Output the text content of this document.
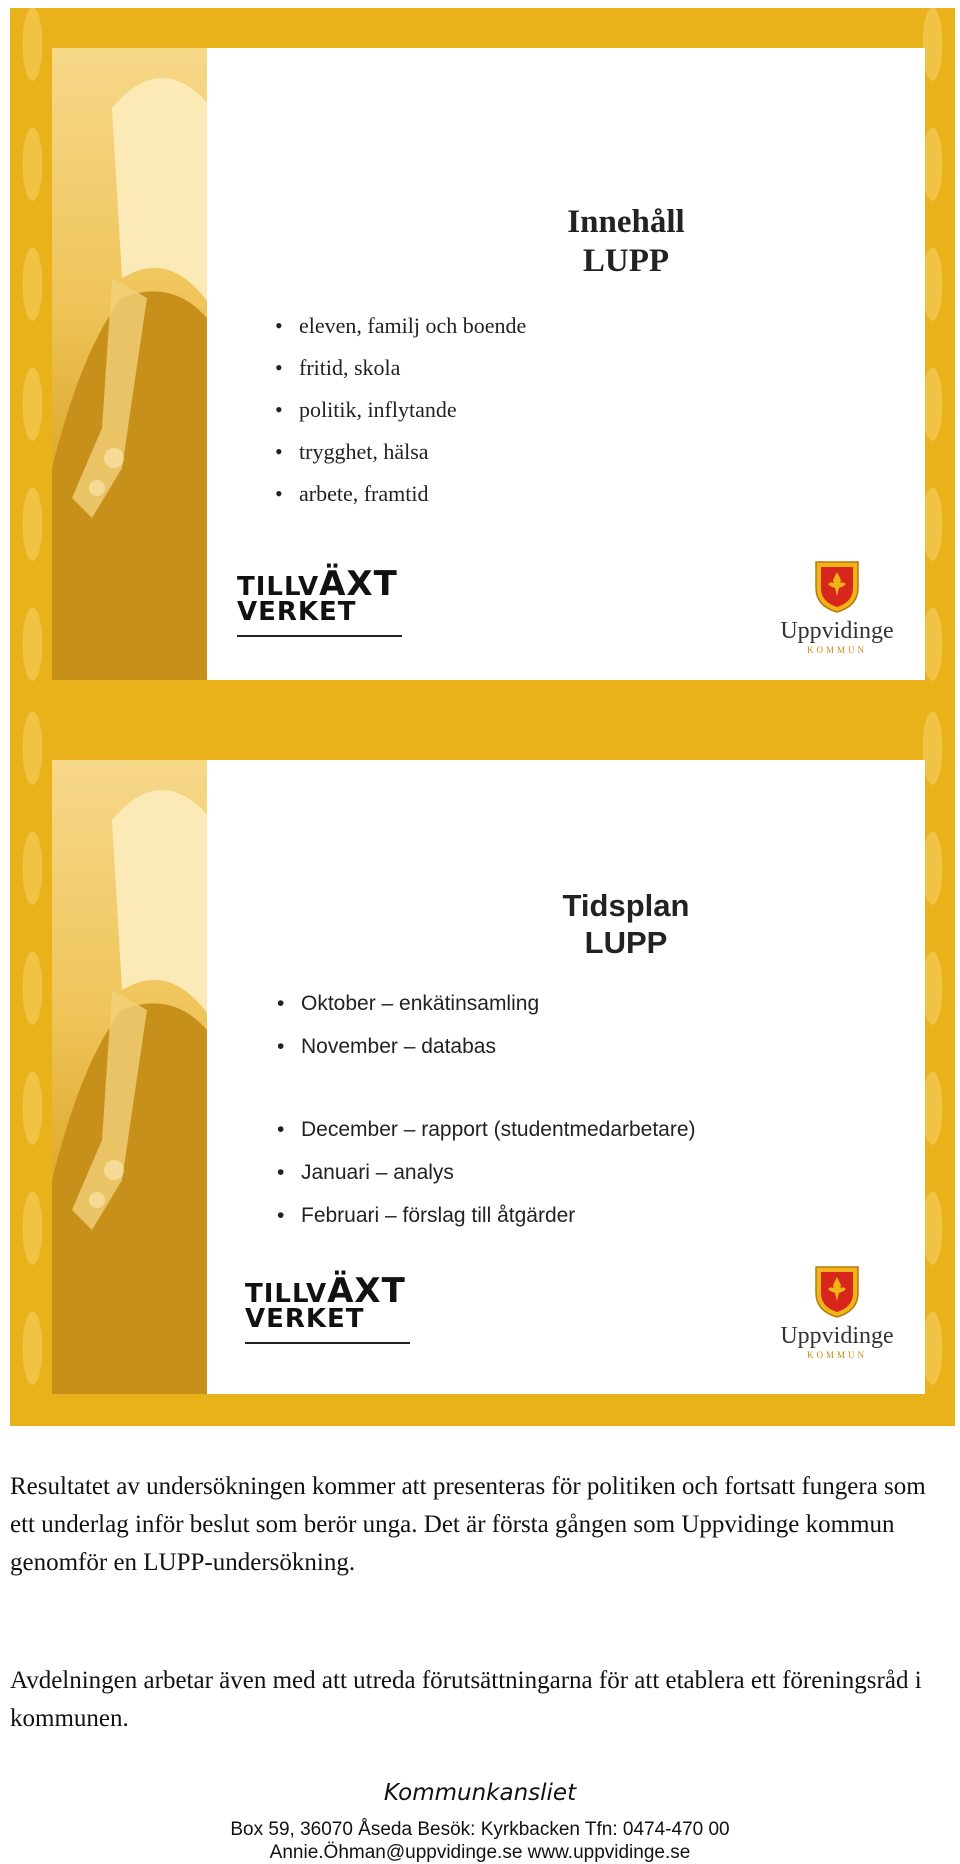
Innehåll
LUPP
• eleven, familj och boende
• fritid, skola
• politik, inflytande
• trygghet, hälsa
• arbete, framtid
TILLVÄXT
VERKET
Uppvidinge
KOMMUN
Tidsplan
LUPP
• Oktober – enkätinsamling
• November – databas
• December – rapport (studentmedarbetare)
• Januari – analys
• Februari – förslag till åtgärder
TILLVÄXT
VERKET
Uppvidinge
KOMMUN

Resultatet av undersökningen kommer att presenteras för politiken och fortsatt fungera som ett underlag inför beslut som berör unga. Det är första gången som Uppvidinge kommun genomför en LUPP-undersökning.

Avdelningen arbetar även med att utreda förutsättningarna för att etablera ett föreningsråd i kommunen.

Kommunkansliet
Box 59, 36070 Åseda Besök: Kyrkbacken Tfn: 0474-470 00
Annie.Öhman@uppvidinge.se www.uppvidinge.se
